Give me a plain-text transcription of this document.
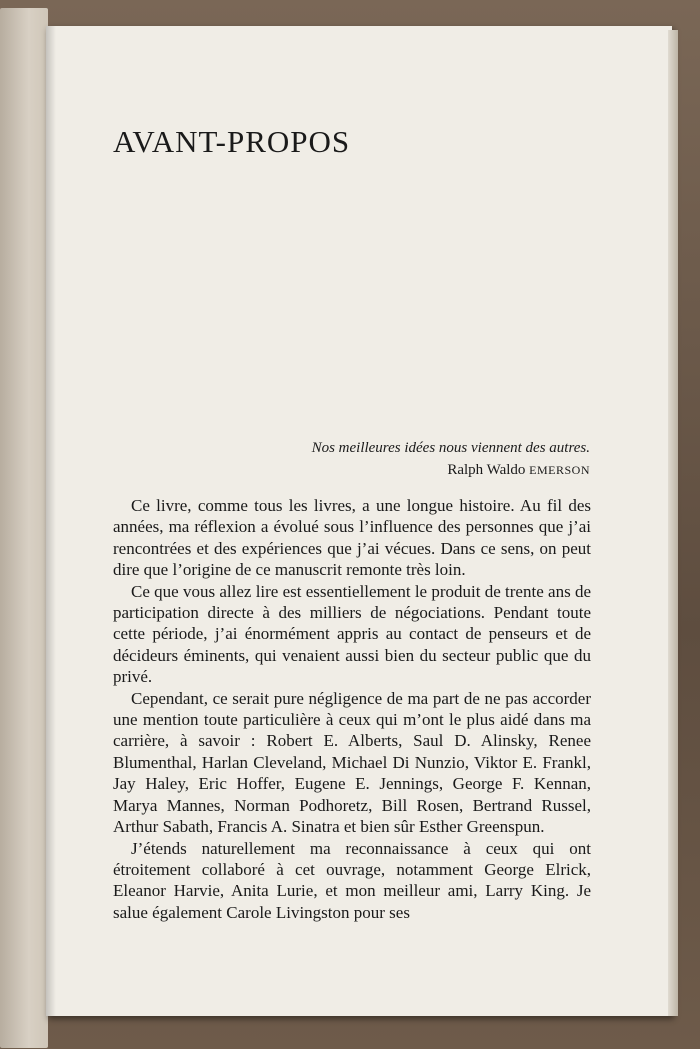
AVANT-PROPOS
Nos meilleures idées nous viennent des autres.
Ralph Waldo EMERSON

Ce livre, comme tous les livres, a une longue histoire. Au fil des années, ma réflexion a évolué sous l’influence des personnes que j’ai rencontrées et des expériences que j’ai vécues. Dans ce sens, on peut dire que l’origine de ce manuscrit remonte très loin.

Ce que vous allez lire est essentiellement le produit de trente ans de participation directe à des milliers de négociations. Pendant toute cette période, j’ai énormément appris au contact de penseurs et de décideurs éminents, qui venaient aussi bien du secteur public que du privé.

Cependant, ce serait pure négligence de ma part de ne pas accorder une mention toute particulière à ceux qui m’ont le plus aidé dans ma carrière, à savoir : Robert E. Alberts, Saul D. Alinsky, Renee Blumenthal, Harlan Cleveland, Michael Di Nunzio, Viktor E. Frankl, Jay Haley, Eric Hoffer, Eugene E. Jennings, George F. Kennan, Marya Mannes, Norman Podhoretz, Bill Rosen, Bertrand Russel, Arthur Sabath, Francis A. Sinatra et bien sûr Esther Greenspun.

J’étends naturellement ma reconnaissance à ceux qui ont étroitement collaboré à cet ouvrage, notamment George Elrick, Eleanor Harvie, Anita Lurie, et mon meilleur ami, Larry King. Je salue également Carole Livingston pour ses
